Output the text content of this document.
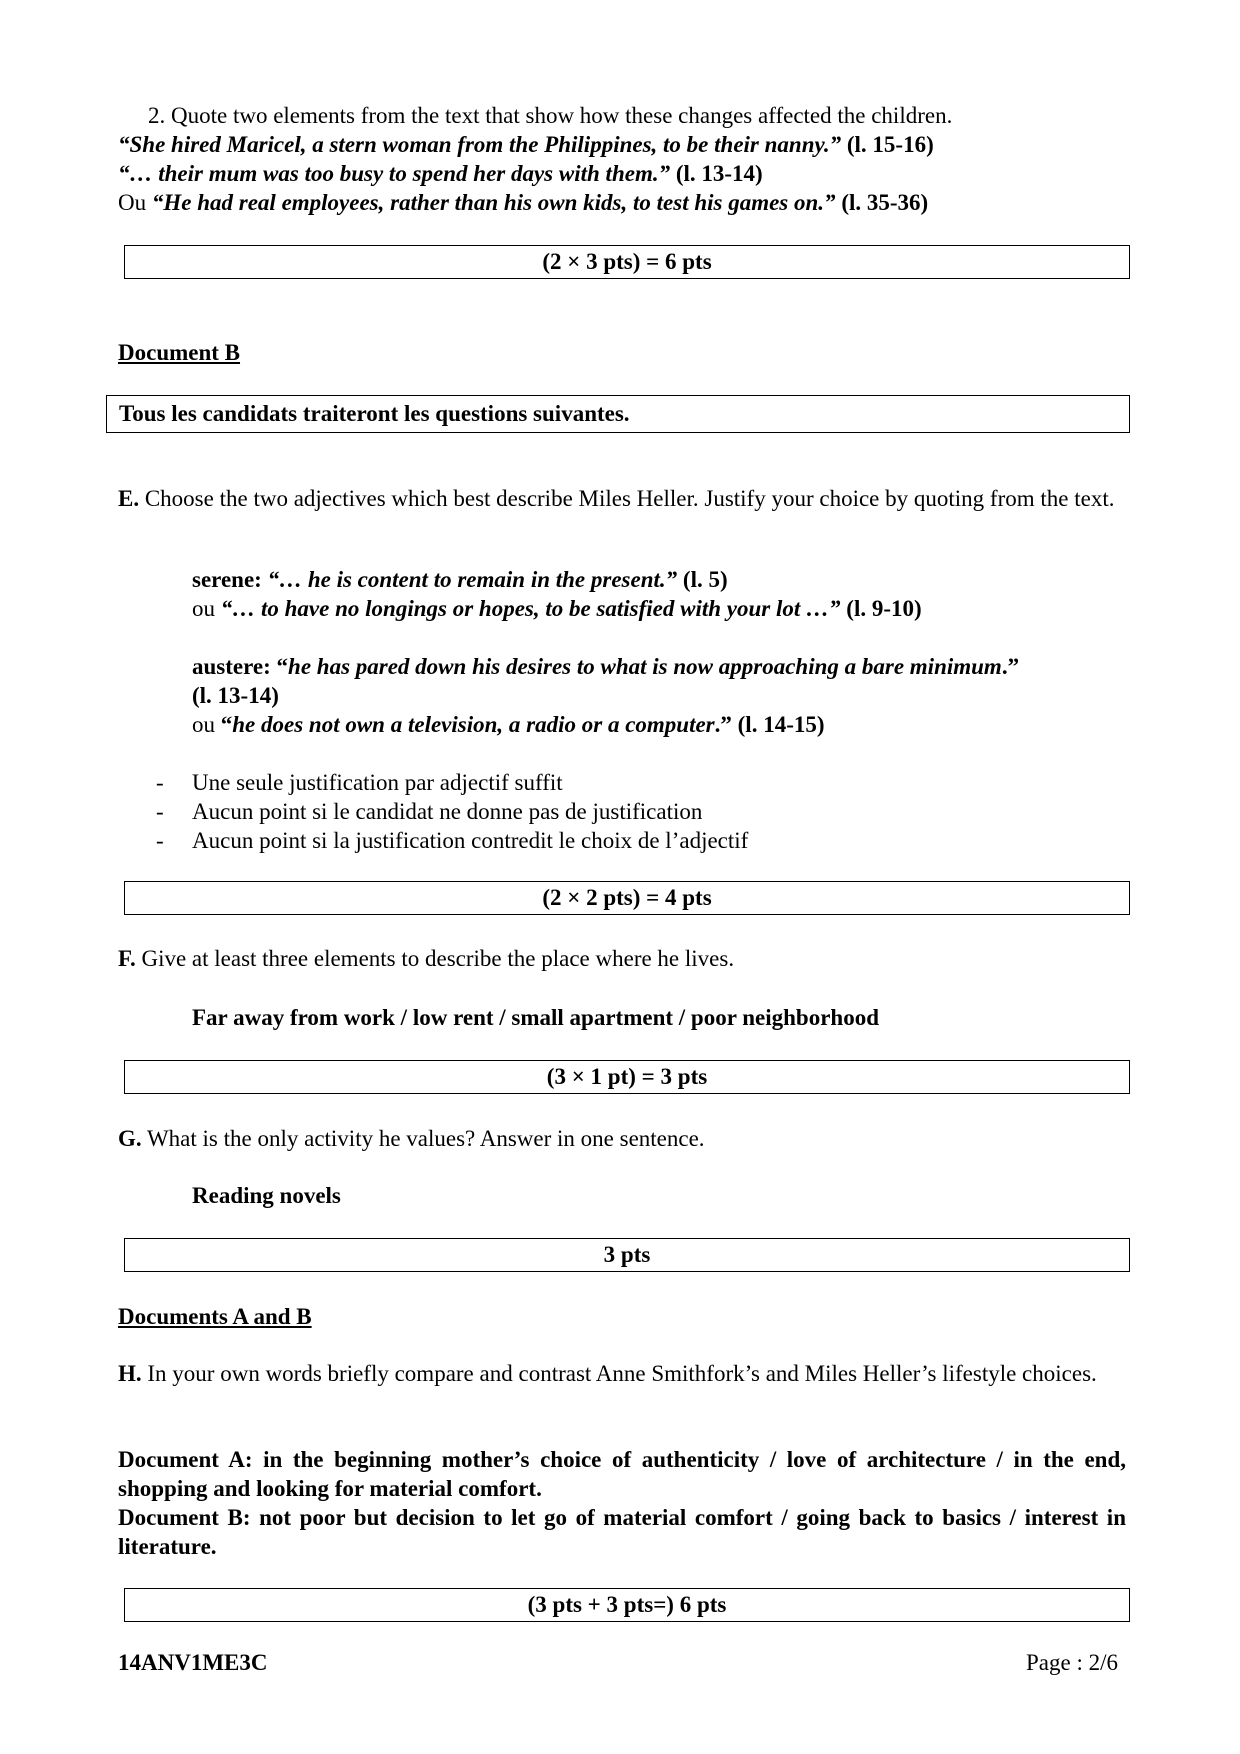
2. Quote two elements from the text that show how these changes affected the children.
“She hired Maricel, a stern woman from the Philippines, to be their nanny.” (l. 15-16)
“… their mum was too busy to spend her days with them.” (l. 13-14)
Ou “He had real employees, rather than his own kids, to test his games on.” (l. 35-36)
(2 × 3 pts) = 6 pts
Document B
Tous les candidats traiteront les questions suivantes.
E. Choose the two adjectives which best describe Miles Heller. Justify your choice by quoting from the text.
serene: “… he is content to remain in the present.” (l. 5)
ou “… to have no longings or hopes, to be satisfied with your lot …” (l. 9-10)
austere: “he has pared down his desires to what is now approaching a bare minimum.”
(l. 13-14)
ou “he does not own a television, a radio or a computer.” (l. 14-15)
- Une seule justification par adjectif suffit
- Aucun point si le candidat ne donne pas de justification
- Aucun point si la justification contredit le choix de l’adjectif
(2 × 2 pts) = 4 pts
F. Give at least three elements to describe the place where he lives.
Far away from work / low rent / small apartment / poor neighborhood
(3 × 1 pt) = 3 pts
G. What is the only activity he values? Answer in one sentence.
Reading novels
3 pts
Documents A and B
H. In your own words briefly compare and contrast Anne Smithfork’s and Miles Heller’s lifestyle choices.
Document A: in the beginning mother’s choice of authenticity / love of architecture / in the end, shopping and looking for material comfort.
Document B: not poor but decision to let go of material comfort / going back to basics / interest in literature.
(3 pts + 3 pts=) 6 pts
14ANV1ME3C	Page : 2/6
